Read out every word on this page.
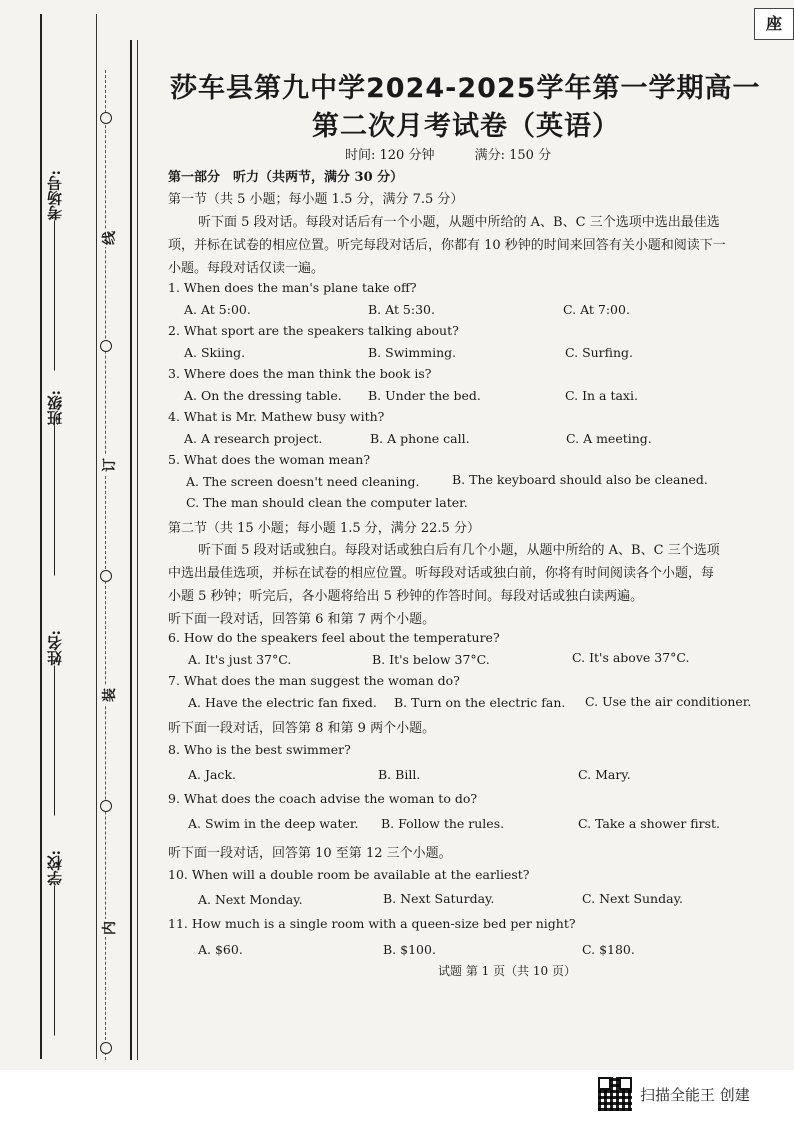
考场号:
班级:
姓名:
学校:
线
订
装
内
座
莎车县第九中学2024-2025学年第一学期高一
第二次月考试卷（英语）
时间: 120 分钟	满分: 150 分
第一部分　听力（共两节，满分 30 分）
第一节（共 5 小题；每小题 1.5 分，满分 7.5 分）
听下面 5 段对话。每段对话后有一个小题，从题中所给的 A、B、C 三个选项中选出最佳选
项，并标在试卷的相应位置。听完每段对话后，你都有 10 秒钟的时间来回答有关小题和阅读下一
小题。每段对话仅读一遍。
1. When does the man's plane take off?
A. At 5:00.	B. At 5:30.	C. At 7:00.
2. What sport are the speakers talking about?
A. Skiing.	B. Swimming.	C. Surfing.
3. Where does the man think the book is?
A. On the dressing table. B. Under the bed.	C. In a taxi.
4. What is Mr. Mathew busy with?
A. A research project.	B. A phone call.	C. A meeting.
5. What does the woman mean?
A. The screen doesn't need cleaning.	B. The keyboard should also be cleaned.
C. The man should clean the computer later.
第二节（共 15 小题；每小题 1.5 分，满分 22.5 分）
听下面 5 段对话或独白。每段对话或独白后有几个小题，从题中所给的 A、B、C 三个选项
中选出最佳选项，并标在试卷的相应位置。听每段对话或独白前，你将有时间阅读各个小题，每
小题 5 秒钟；听完后，各小题将给出 5 秒钟的作答时间。每段对话或独白读两遍。
听下面一段对话，回答第 6 和第 7 两个小题。
6. How do the speakers feel about the temperature?
A. It's just 37°C.	B. It's below 37°C.	C. It's above 37°C.
7. What does the man suggest the woman do?
A. Have the electric fan fixed. B. Turn on the electric fan. C. Use the air conditioner.
听下面一段对话，回答第 8 和第 9 两个小题。
8. Who is the best swimmer?
A. Jack.	B. Bill.	C. Mary.
9. What does the coach advise the woman to do?
A. Swim in the deep water. B. Follow the rules.	C. Take a shower first.
听下面一段对话，回答第 10 至第 12 三个小题。
10. When will a double room be available at the earliest?
A. Next Monday.	B. Next Saturday.	C. Next Sunday.
11. How much is a single room with a queen-size bed per night?
A. $60.	B. $100.	C. $180.
试题 第 1 页（共 10 页）
扫描全能王 创建
